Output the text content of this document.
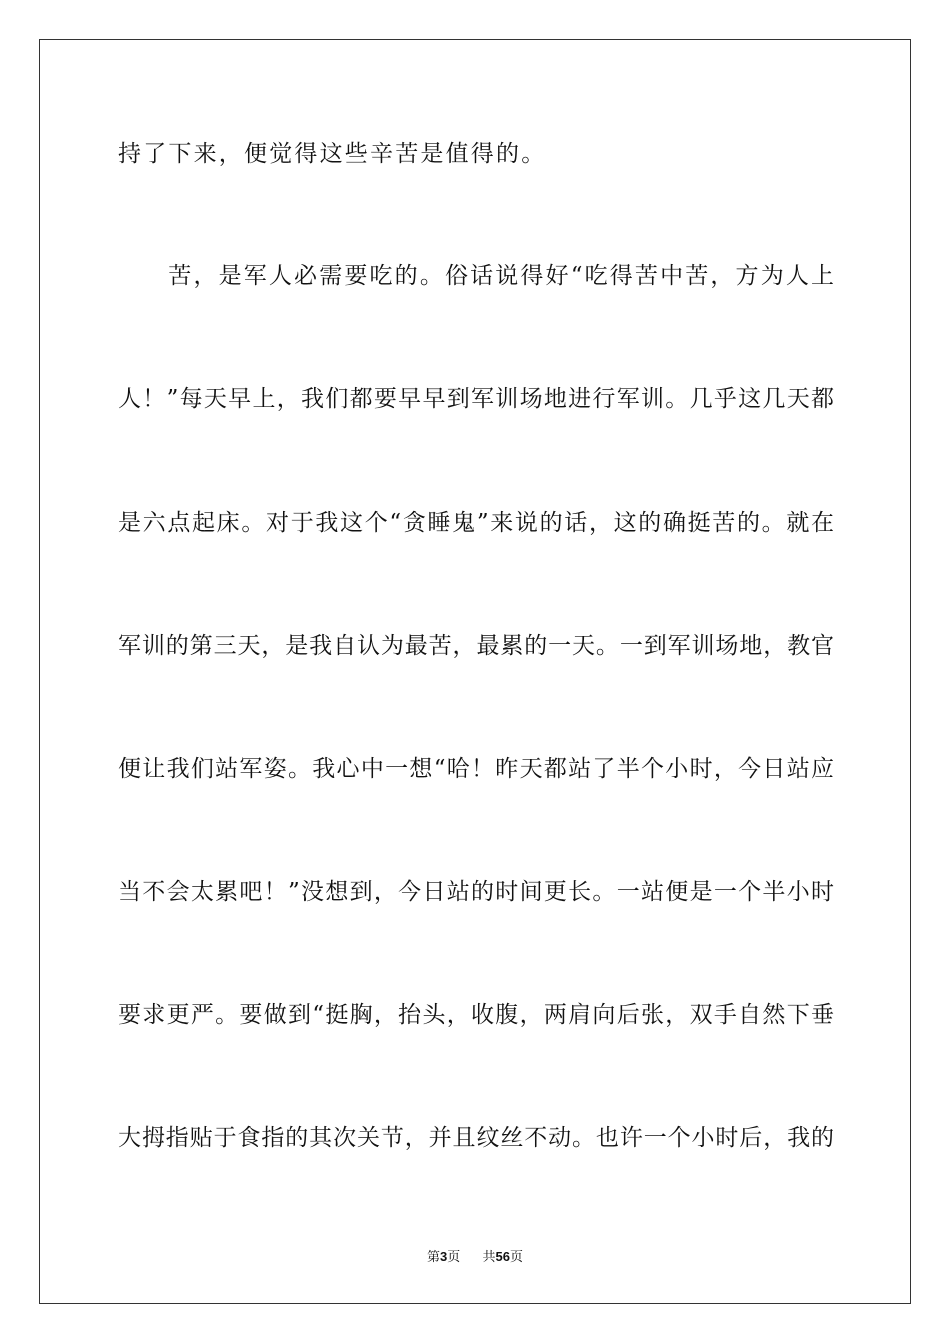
持了下来，便觉得这些辛苦是值得的。
　　苦，是军人必需要吃的。俗话说得好“吃得苦中苦，方为人上
人！”每天早上，我们都要早早到军训场地进行军训。几乎这几天都
是六点起床。对于我这个“贪睡鬼”来说的话，这的确挺苦的。就在
军训的第三天，是我自认为最苦，最累的一天。一到军训场地，教官
便让我们站军姿。我心中一想“哈！昨天都站了半个小时，今日站应
当不会太累吧！”没想到，今日站的时间更长。一站便是一个半小时
要求更严。要做到“挺胸，抬头，收腹，两肩向后张，双手自然下垂
大拇指贴于食指的其次关节，并且纹丝不动。也许一个小时后，我的
第3页 共56页
